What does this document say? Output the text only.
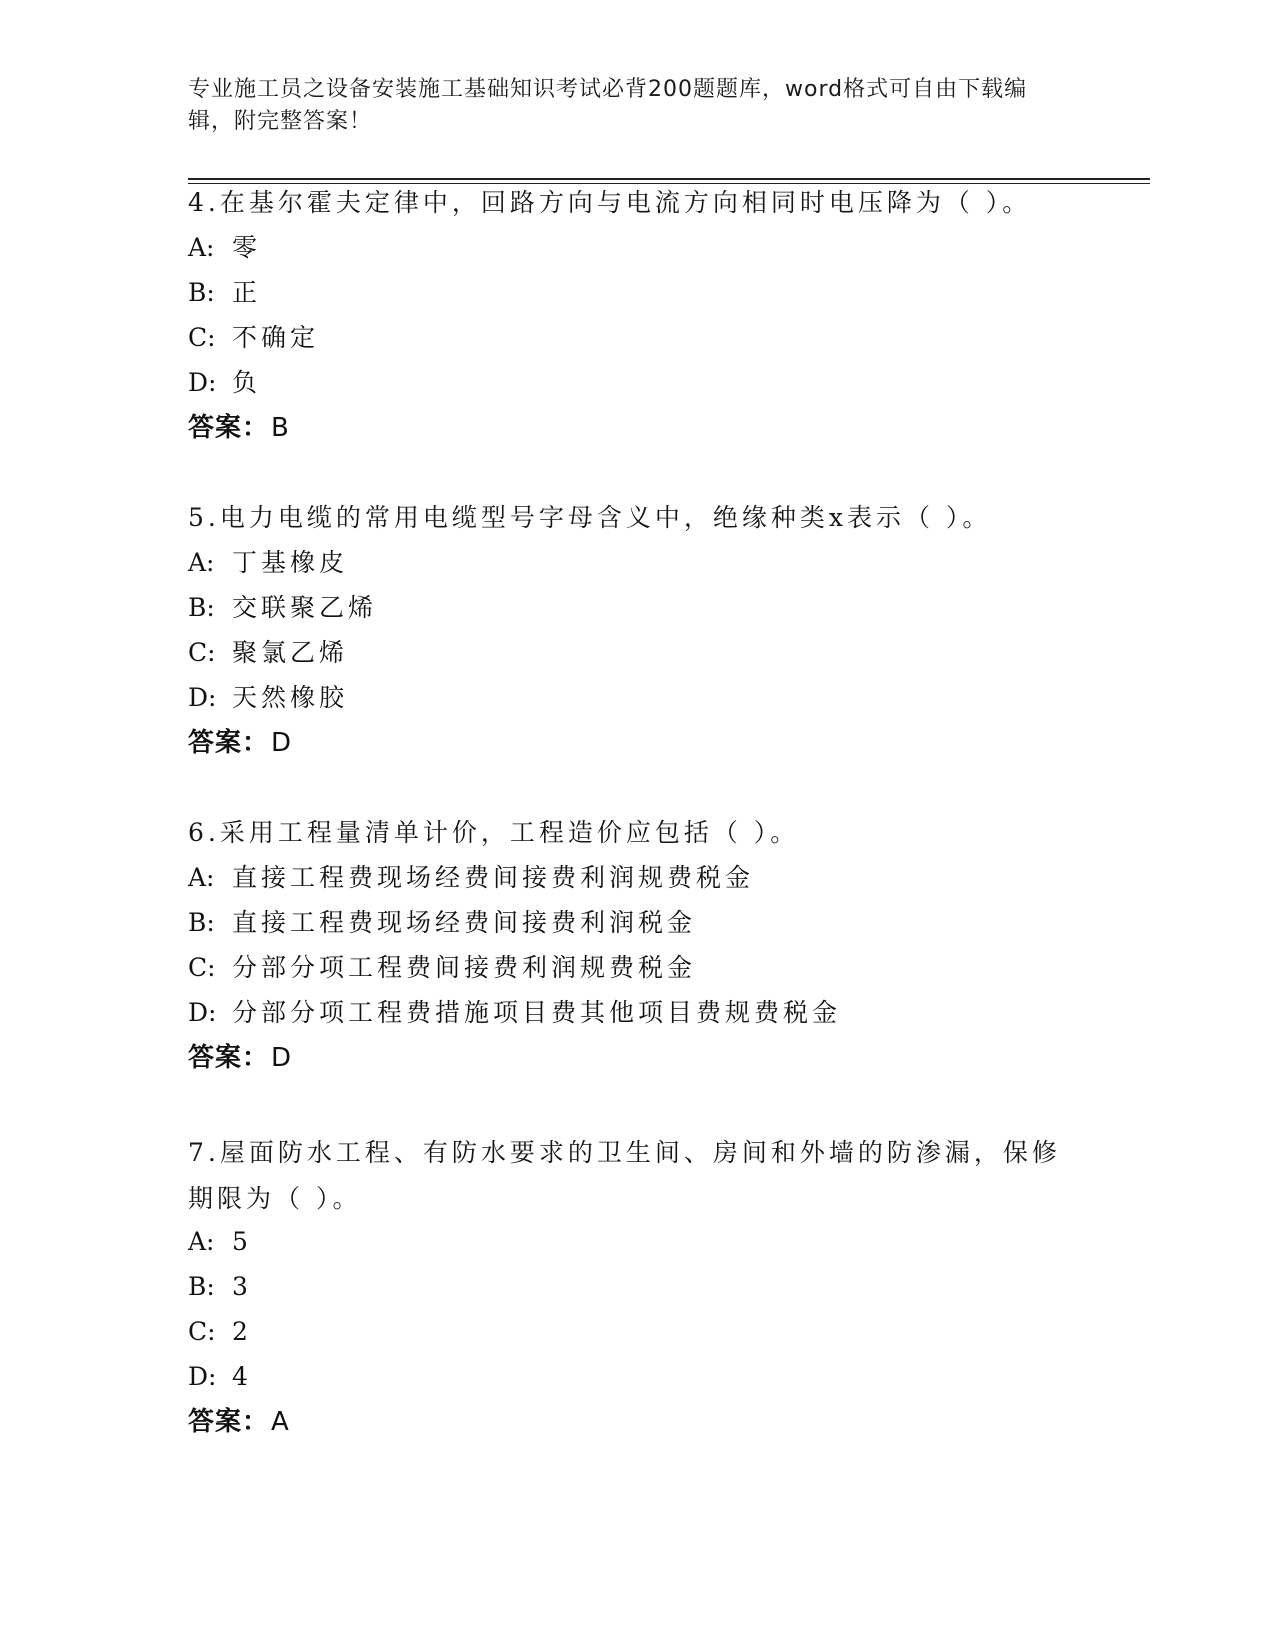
专业施工员之设备安装施工基础知识考试必背200题题库，word格式可自由下载编辑，附完整答案！

4.在基尔霍夫定律中，回路方向与电流方向相同时电压降为（ ）。

A: 零
B: 正
C: 不确定
D: 负
答案： B

5.电力电缆的常用电缆型号字母含义中，绝缘种类x表示（ ）。

A: 丁基橡皮
B: 交联聚乙烯
C: 聚氯乙烯
D: 天然橡胶
答案： D

6.采用工程量清单计价，工程造价应包括（ ）。

A: 直接工程费现场经费间接费利润规费税金
B: 直接工程费现场经费间接费利润税金
C: 分部分项工程费间接费利润规费税金
D: 分部分项工程费措施项目费其他项目费规费税金
答案： D

7.屋面防水工程、有防水要求的卫生间、房间和外墙的防渗漏，保修期限为（ ）。

A: 5
B: 3
C: 2
D: 4
答案： A
